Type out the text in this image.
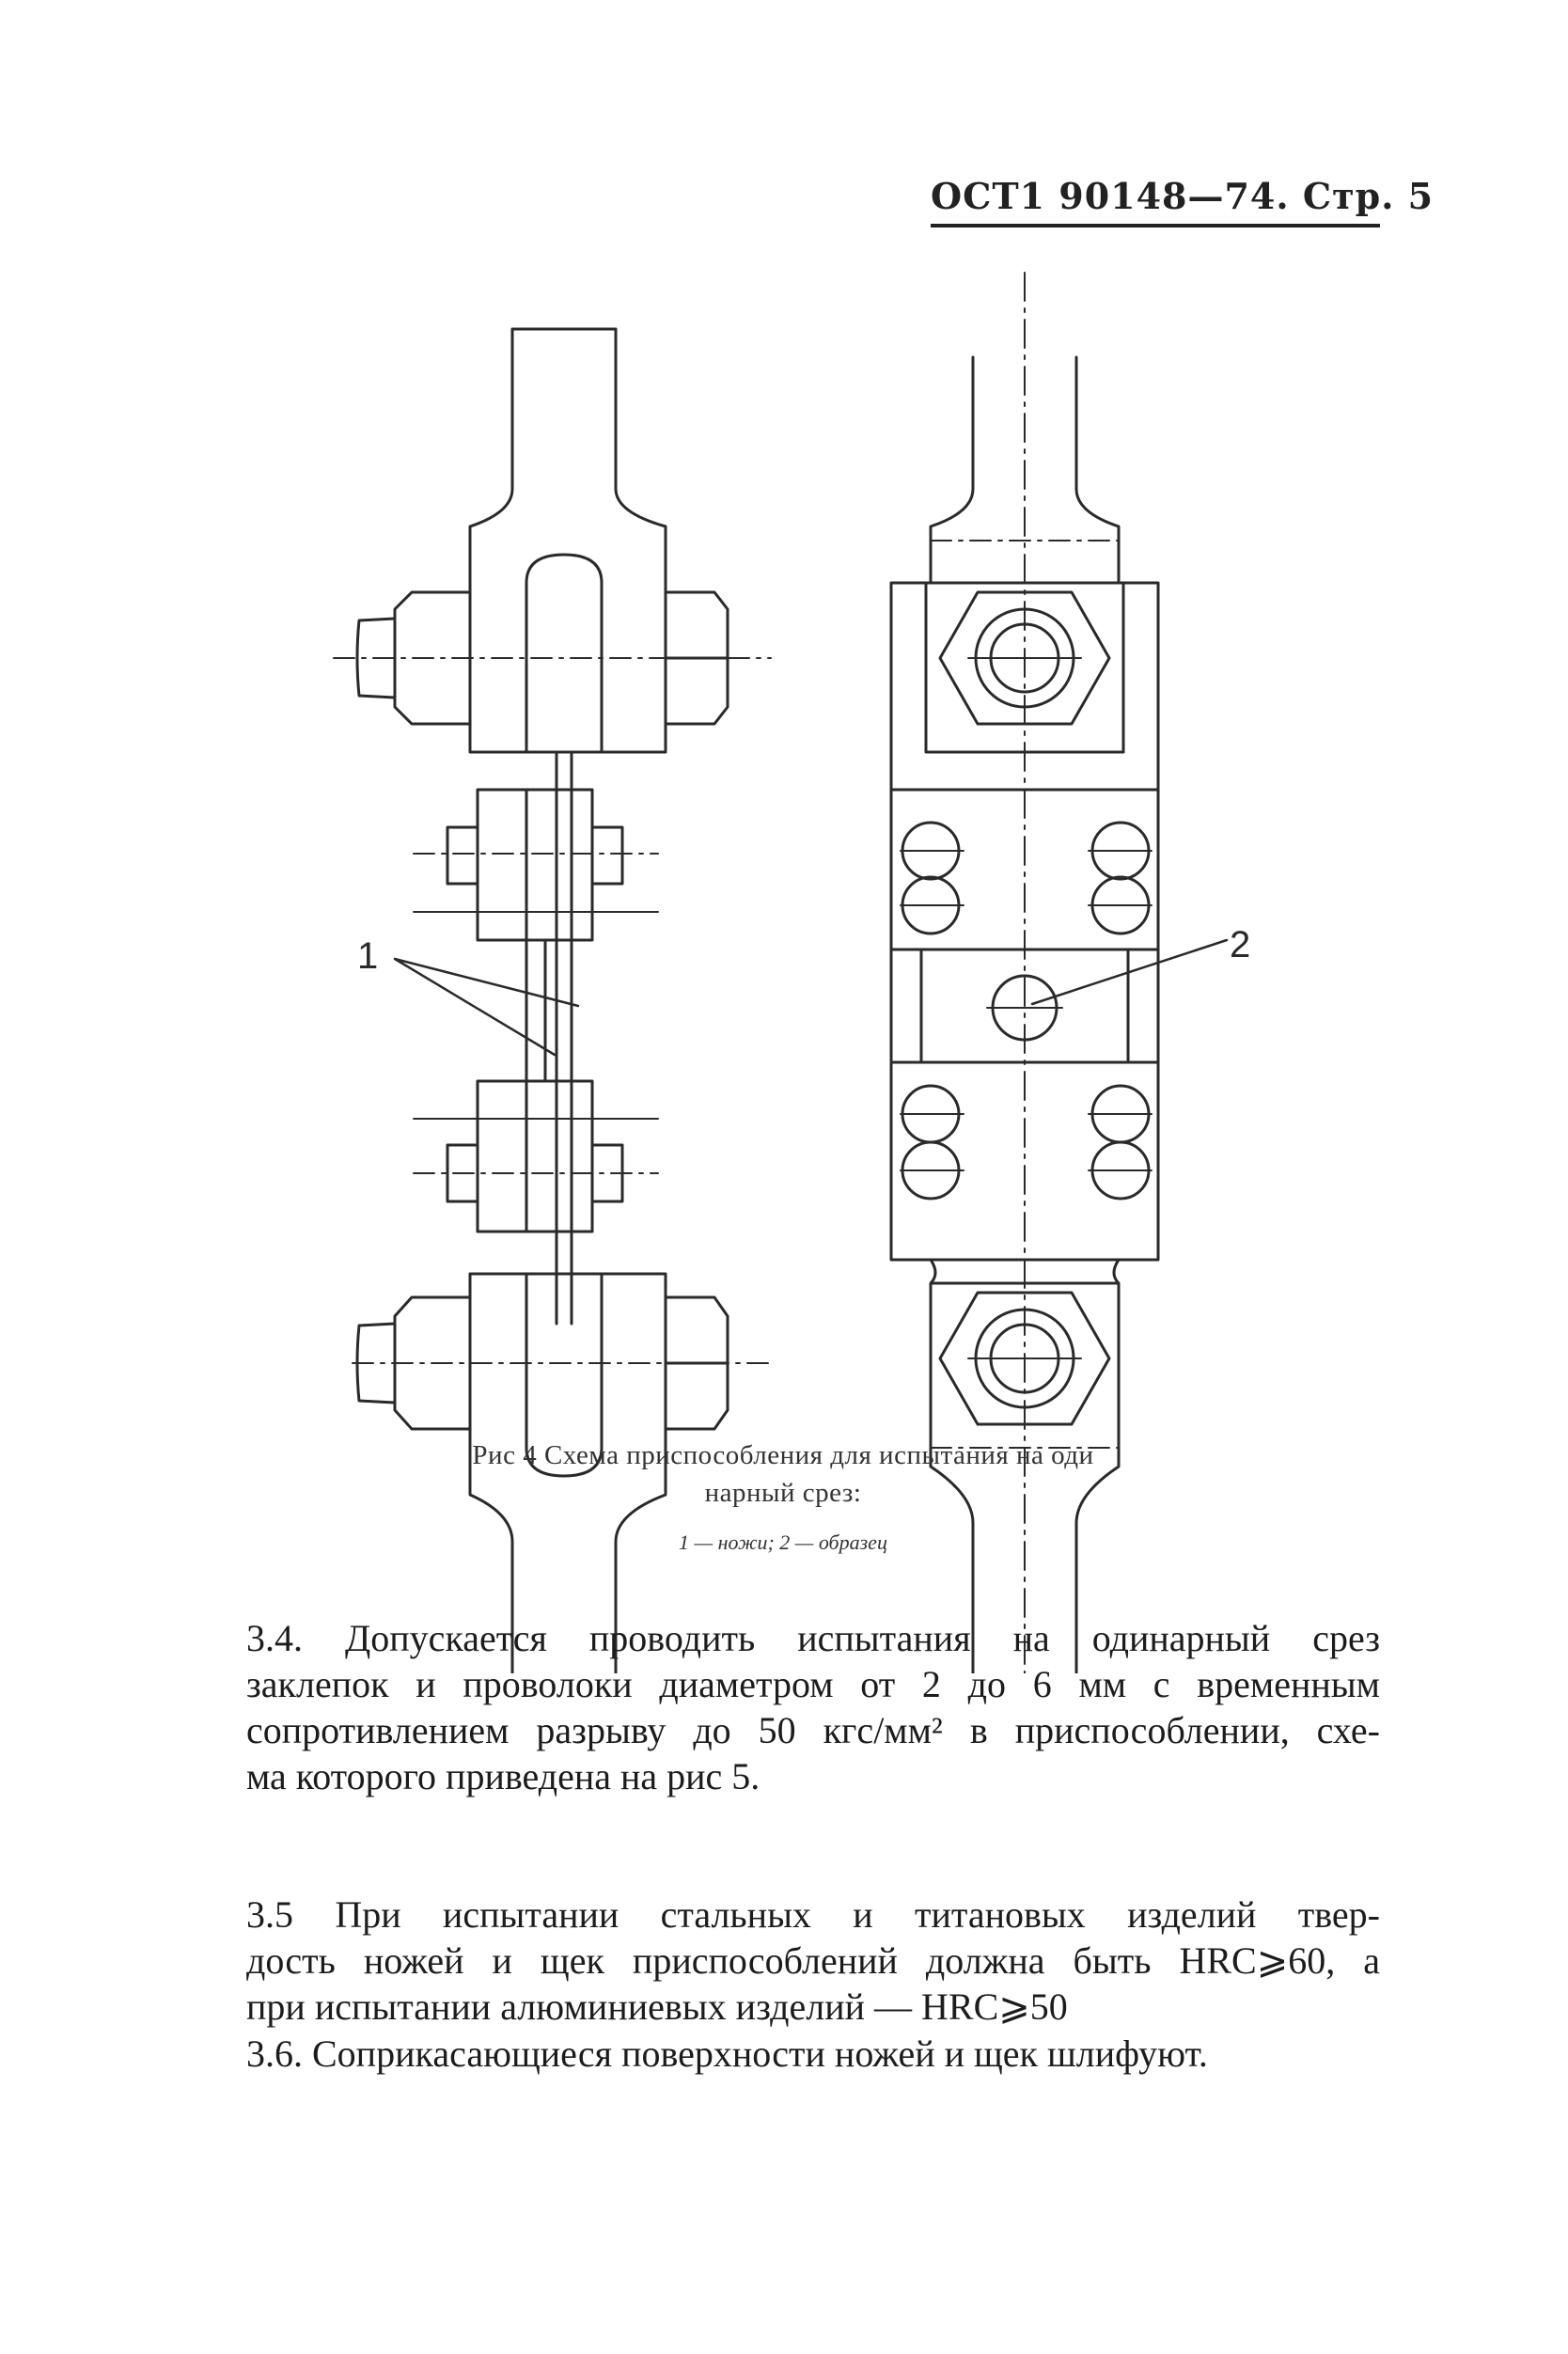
ОСТ1 90148—74. Стр. 5
1	2
Рис 4 Схема приспособления для испытания на оди
нарный срез:
1 — ножи; 2 — образец
3.4. Допускается проводить испытания на одинарный срез
заклепок и проволоки диаметром от 2 до 6 мм с временным
сопротивлением разрыву до 50 кгс/мм² в приспособлении, схе-
ма которого приведена на рис 5.
3.5 При испытании стальных и титановых изделий твер-
дость ножей и щек приспособлений должна быть HRC⩾60, а
при испытании алюминиевых изделий — HRC⩾50
3.6. Соприкасающиеся поверхности ножей и щек шлифуют.
